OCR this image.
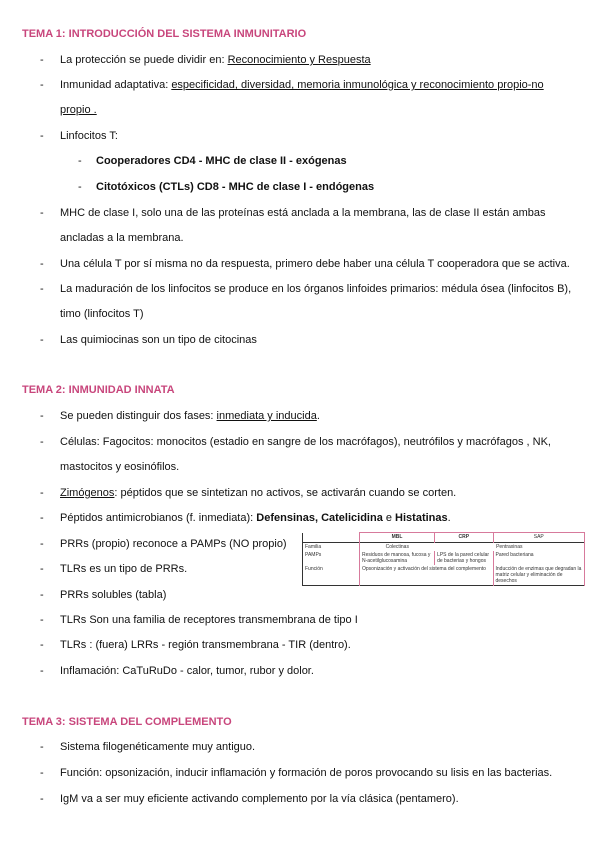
TEMA 1: INTRODUCCIÓN DEL SISTEMA INMUNITARIO
La protección se puede dividir en: Reconocimiento y Respuesta
Inmunidad adaptativa: especificidad, diversidad, memoria inmunológica y reconocimiento propio-no
propio .
Linfocitos T:
Cooperadores CD4 - MHC de clase II - exógenas
Citotóxicos (CTLs) CD8 - MHC de clase I - endógenas
MHC de clase I, solo una de las proteínas está anclada a la membrana, las de clase II están ambas
ancladas a la membrana.
Una célula T por sí misma no da respuesta, primero debe haber una célula T cooperadora que se activa.
La maduración de los linfocitos se produce en los órganos linfoides primarios: médula ósea (linfocitos B),
timo (linfocitos T)
Las quimiocinas son un tipo de citocinas
TEMA 2: INMUNIDAD INNATA
Se pueden distinguir dos fases: inmediata y inducida.
Células: Fagocitos: monocitos (estadio en sangre de los macrófagos), neutrófilos y macrófagos , NK,
mastocitos y eosinófilos.
Zimógenos: péptidos que se sintetizan no activos, se activarán cuando se corten.
Péptidos antimicrobianos (f. inmediata): Defensinas, Catelicidina e Histatinas.
PRRs (propio) reconoce a PAMPs (NO propio)
TLRs es un tipo de PRRs.
PRRs solubles (tabla)
TLRs Son una familia de receptores transmembrana de tipo I
TLRs : (fuera) LRRs - región transmembrana - TIR (dentro).
Inflamación: CaTuRuDo - calor, tumor, rubor y dolor.
	MBL	CRP	SAP
Familia	Colectinas	Pentraxinas	
PAMPs	Residuos de manosa, fucosa y N-acetilglucosamina	LPS de la pared celular de bacterias y hongos	Pared bacteriana
Función	Opsonización y activación del sistema del complemento		Inducción de enzimas que degradan la matriz celular y eliminación de desechos
TEMA 3: SISTEMA DEL COMPLEMENTO
Sistema filogenéticamente muy antiguo.
Función: opsonización, inducir inflamación y formación de poros provocando su lisis en las bacterias.
IgM va a ser muy eficiente activando complemento por la vía clásica (pentamero).
-
-
-
-
-
-
-
-
-
-
-
-
-
-
-
-
-
-
-
-
-
-
